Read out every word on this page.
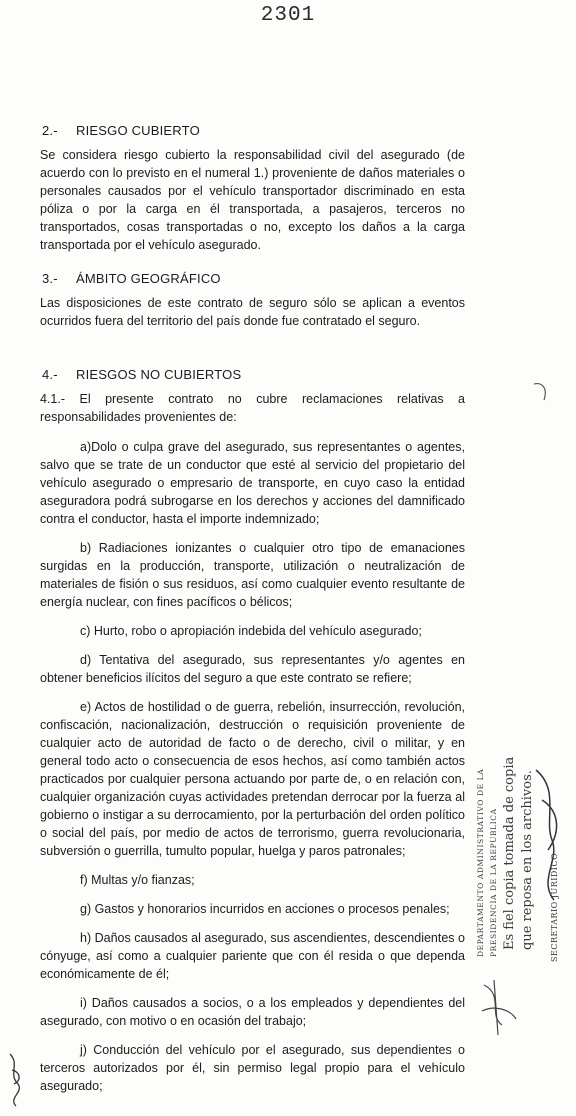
2301
2.- RIESGO CUBIERTO
Se considera riesgo cubierto la responsabilidad civil del asegurado (de acuerdo con lo previsto en el numeral 1.) proveniente de daños materiales o personales causados por el vehículo transportador discriminado en esta póliza o por la carga en él transportada, a pasajeros, terceros no transportados, cosas transportadas o no, excepto los daños a la carga transportada por el vehículo asegurado.
3.- ÁMBITO GEOGRÁFICO
Las disposiciones de este contrato de seguro sólo se aplican a eventos ocurridos fuera del territorio del país donde fue contratado el seguro.
4.- RIESGOS NO CUBIERTOS
4.1.- El presente contrato no cubre reclamaciones relativas a responsabilidades provenientes de:
a)Dolo o culpa grave del asegurado, sus representantes o agentes, salvo que se trate de un conductor que esté al servicio del propietario del vehículo asegurado o empresario de transporte, en cuyo caso la entidad aseguradora podrá subrogarse en los derechos y acciones del damnificado contra el conductor, hasta el importe indemnizado;
b) Radiaciones ionizantes o cualquier otro tipo de emanaciones surgidas en la producción, transporte, utilización o neutralización de materiales de fisión o sus residuos, así como cualquier evento resultante de energía nuclear, con fines pacíficos o bélicos;
c) Hurto, robo o apropiación indebida del vehículo asegurado;
d) Tentativa del asegurado, sus representantes y/o agentes en obtener beneficios ilícitos del seguro a que este contrato se refiere;
e) Actos de hostilidad o de guerra, rebelión, insurrección, revolución, confiscación, nacionalización, destrucción o requisición proveniente de cualquier acto de autoridad de facto o de derecho, civil o militar, y en general todo acto o consecuencia de esos hechos, así como también actos practicados por cualquier persona actuando por parte de, o en relación con, cualquier organización cuyas actividades pretendan derrocar por la fuerza al gobierno o instigar a su derrocamiento, por la perturbación del orden político o social del país, por medio de actos de terrorismo, guerra revolucionaria, subversión o guerrilla, tumulto popular, huelga y paros patronales;
f) Multas y/o fianzas;
g) Gastos y honorarios incurridos en acciones o procesos penales;
h) Daños causados al asegurado, sus ascendientes, descendientes o cónyuge, así como a cualquier pariente que con él resida o que dependa económicamente de él;
i) Daños causados a socios, o a los empleados y dependientes del asegurado, con motivo o en ocasión del trabajo;
j) Conducción del vehículo por el asegurado, sus dependientes o terceros autorizados por él, sin permiso legal propio para el vehículo asegurado;
DEPARTAMENTO ADMINISTRATIVO DE LA PRESIDENCIA DE LA REPUBLICA Es fiel copia tomada de copia que reposa en los archivos. SECRETARIO JURIDICO
